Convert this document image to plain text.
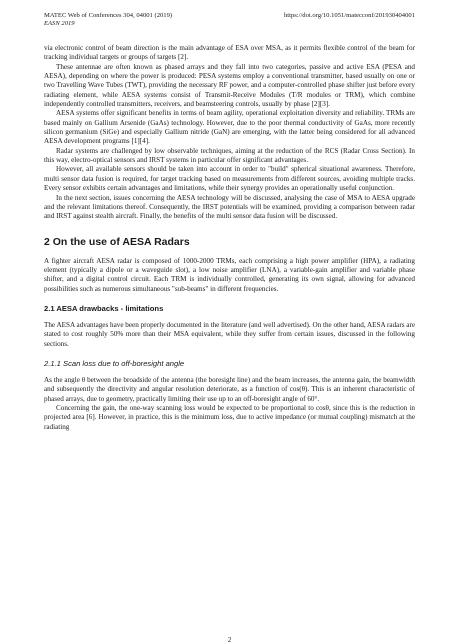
MATEC Web of Conferences 304, 04001 (2019)
EASN 2019
https://doi.org/10.1051/matecconf/201930404001

via electronic control of beam direction is the main advantage of ESA over MSA, as it permits flexible control of the beam for tracking individual targets or groups of targets [2].

These antennae are often known as phased arrays and they fall into two categories, passive and active ESA (PESA and AESA), depending on where the power is produced: PESA systems employ a conventional transmitter, based usually on one or two Travelling Wave Tubes (TWT), providing the necessary RF power, and a computer-controlled phase shifter just before every radiating element, while AESA systems consist of Transmit-Receive Modules (T/R modules or TRM), which combine independently controlled transmitters, receivers, and beamsteering controls, usually by phase [2][3].

AESA systems offer significant benefits in terms of beam agility, operational exploitation diversity and reliability. TRMs are based mainly on Gallium Arsenide (GaAs) technology. However, due to the poor thermal conductivity of GaAs, more recently silicon germanium (SiGe) and especially Gallium nitride (GaN) are emerging, with the latter being considered for all advanced AESA development programs [1][4].

Radar systems are challenged by low observable techniques, aiming at the reduction of the RCS (Radar Cross Section). In this way, electro-optical sensors and IRST systems in particular offer significant advantages.

However, all available sensors should be taken into account in order to "build" spherical situational awareness. Therefore, multi sensor data fusion is required, for target tracking based on measurements from different sources, avoiding multiple tracks. Every sensor exhibits certain advantages and limitations, while their synergy provides an operationally useful conjunction.

In the next section, issues concerning the AESA technology will be discussed, analysing the case of MSA to AESA upgrade and the relevant limitations thereof. Consequently, the IRST potentials will be examined, providing a comparison between radar and IRST against stealth aircraft. Finally, the benefits of the multi sensor data fusion will be discussed.

2 On the use of AESA Radars

A fighter aircraft AESA radar is composed of 1000-2000 TRMs, each comprising a high power amplifier (HPA), a radiating element (typically a dipole or a waveguide slot), a low noise amplifier (LNA), a variable-gain amplifier and variable phase shifter, and a digital control circuit. Each TRM is individually controlled, generating its own signal, allowing for advanced possibilities such as numerous simultaneous "sub-beams" in different frequencies.

2.1 AESA drawbacks - limitations

The AESA advantages have been properly documented in the literature (and well advertised). On the other hand, AESA radars are stated to cost roughly 50% more than their MSA equivalent, while they suffer from certain issues, discussed in the following sections.

2.1.1 Scan loss due to off-boresight angle

As the angle θ between the broadside of the antenna (the boresight line) and the beam increases, the antenna gain, the beamwidth and subsequently the directivity and angular resolution deteriorate, as a function of cos(θ). This is an inherent characteristic of phased arrays, due to geometry, practically limiting their use up to an off-boresight angle of 60°.

Concerning the gain, the one-way scanning loss would be expected to be proportional to cosθ, since this is the reduction in projected area [6]. However, in practice, this is the minimum loss, due to active impedance (or mutual coupling) mismatch at the radiating

2
